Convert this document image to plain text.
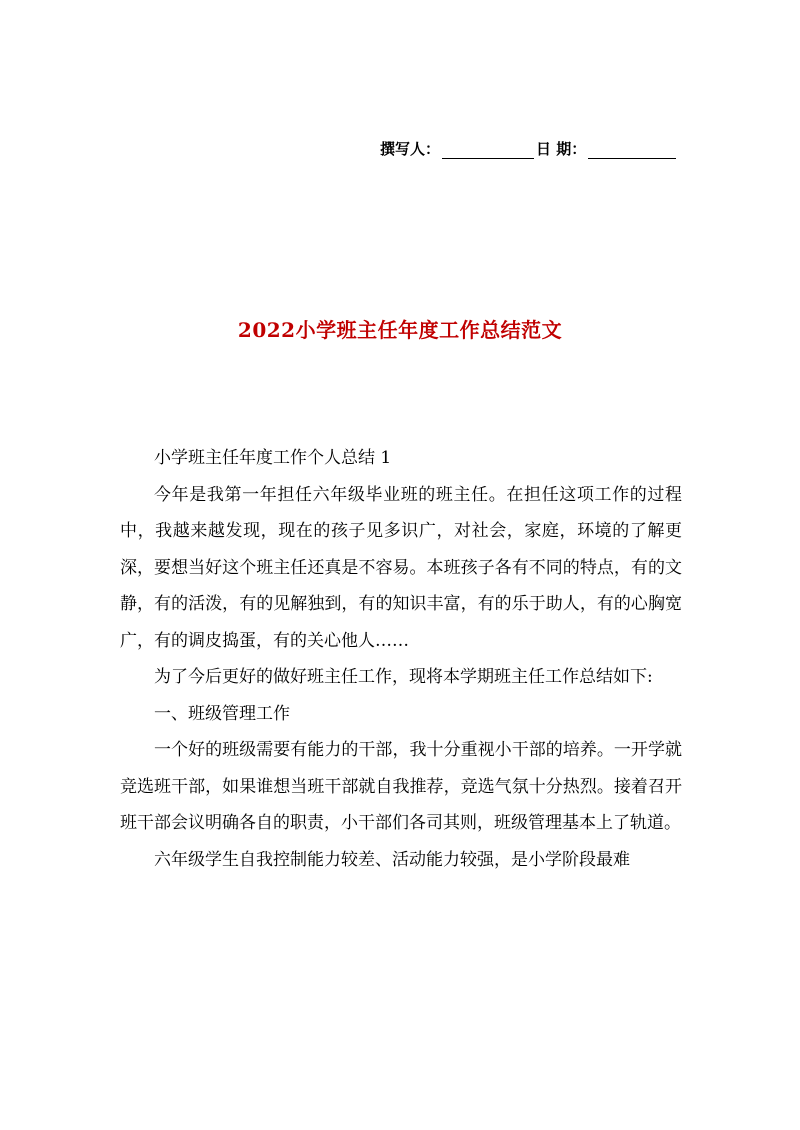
撰写人：	日 期：
2022小学班主任年度工作总结范文

小学班主任年度工作个人总结 1

今年是我第一年担任六年级毕业班的班主任。在担任这项工作的过程中，我越来越发现，现在的孩子见多识广，对社会，家庭，环境的了解更深，要想当好这个班主任还真是不容易。本班孩子各有不同的特点，有的文静，有的活泼，有的见解独到，有的知识丰富，有的乐于助人，有的心胸宽广，有的调皮捣蛋，有的关心他人……

为了今后更好的做好班主任工作，现将本学期班主任工作总结如下:

一、班级管理工作

一个好的班级需要有能力的干部，我十分重视小干部的培养。一开学就竞选班干部，如果谁想当班干部就自我推荐，竞选气氛十分热烈。接着召开班干部会议明确各自的职责，小干部们各司其则，班级管理基本上了轨道。

六年级学生自我控制能力较差、活动能力较强，是小学阶段最难
